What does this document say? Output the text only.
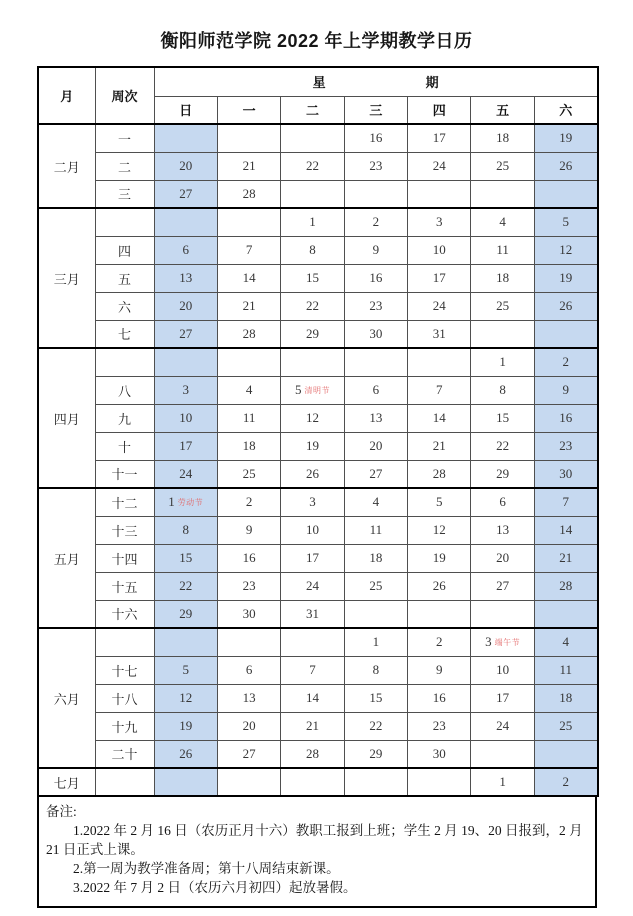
衡阳师范学院 2022 年上学期教学日历
月	周次	星 期						

		日	一	二	三	四	五	六
二月	一				16	17	18	19
	二	20	21	22	23	24	25	26
	三	27	28					
三月				1	2	3	4	5
	四	6	7	8	9	10	11	12
	五	13	14	15	16	17	18	19
	六	20	21	22	23	24	25	26
	七	27	28	29	30	31		
四月							1	2
	八	3	4	5 清明节	6	7	8	9
	九	10	11	12	13	14	15	16
	十	17	18	19	20	21	22	23
	十一	24	25	26	27	28	29	30
五月	十二	1 劳动节	2	3	4	5	6	7
	十三	8	9	10	11	12	13	14
	十四	15	16	17	18	19	20	21
	十五	22	23	24	25	26	27	28
	十六	29	30	31				
六月					1	2	3 端午节	4
	十七	5	6	7	8	9	10	11
	十八	12	13	14	15	16	17	18
	十九	19	20	21	22	23	24	25
	二十	26	27	28	29	30		
七月							1	2
备注:
1.2022 年 2 月 16 日（农历正月十六）教职工报到上班；学生 2 月 19、20 日报到，2 月 21 日正式上课。
2.第一周为教学准备周；第十八周结束新课。
3.2022 年 7 月 2 日（农历六月初四）起放暑假。
